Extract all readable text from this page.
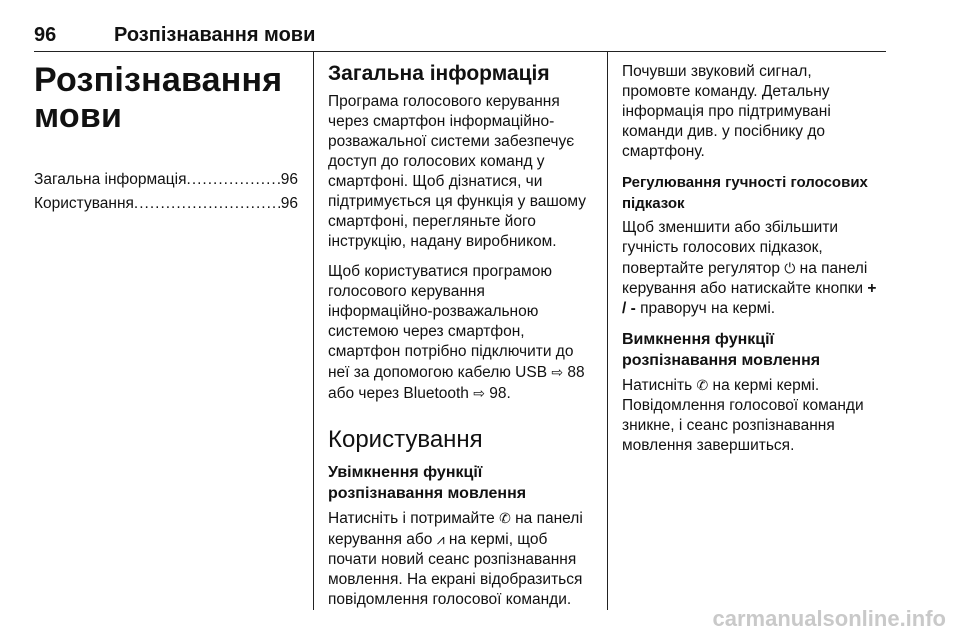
96	Розпізнавання мови
Розпізнавання
мови
Загальна інформація .....	96
Користування .....	96
Загальна інформація

Програма голосового керування через смартфон інформаційно-розважальної системи забезпечує доступ до голосових команд у смартфоні. Щоб дізнатися, чи підтримується ця функція у вашому смартфоні, перегляньте його інструкцію, надану виробником.

Щоб користуватися програмою голосового керування інформаційно-розважальною системою через смартфон, смартфон потрібно підключити до неї за допомогою кабелю USB ⇨ 88 або через Bluetooth ⇨ 98.

Користування
Увімкнення функції
розпізнавання мовлення

Натисніть і потримайте ✆ на панелі керування або ⩘ на кермі, щоб почати новий сеанс розпізнавання мовлення. На екрані відобразиться повідомлення голосової команди.

Почувши звуковий сигнал, промовте команду. Детальну інформація про підтримувані команди див. у посібнику до смартфону.

Регулювання гучності голосових підказок

Щоб зменшити або збільшити гучність голосових підказок, повертайте регулятор ⏻ на панелі керування або натискайте кнопки + / - праворуч на кермі.

Вимкнення функції
розпізнавання мовлення

Натисніть ✆ на кермі кермі. Повідомлення голосової команди зникне, і сеанс розпізнавання мовлення завершиться.

carmanualsonline.info
